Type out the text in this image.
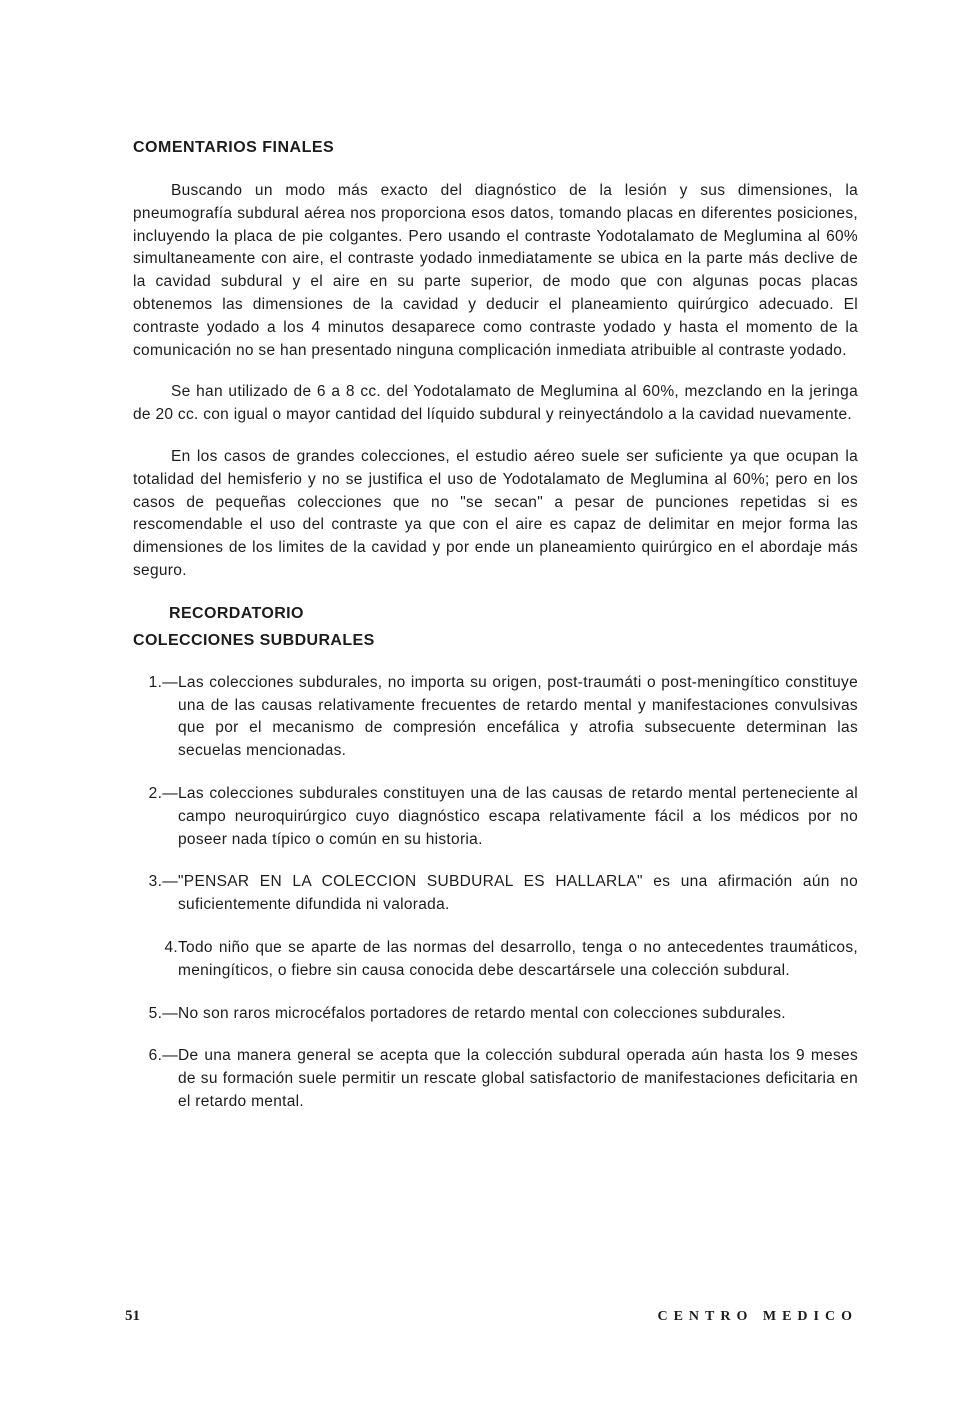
COMENTARIOS FINALES

Buscando un modo más exacto del diagnóstico de la lesión y sus dimensiones, la pneumografía subdural aérea nos proporciona esos datos, tomando placas en diferentes posiciones, incluyendo la placa de pie colgantes. Pero usando el contraste Yodotalamato de Meglumina al 60% simultaneamente con aire, el contraste yodado inmediatamente se ubica en la parte más declive de la cavidad subdural y el aire en su parte superior, de modo que con algunas pocas placas obtenemos las dimensiones de la cavidad y deducir el planeamiento quirúrgico adecuado. El contraste yodado a los 4 minutos desaparece como contraste yodado y hasta el momento de la comunicación no se han presentado ninguna complicación inmediata atribuible al contraste yodado.

Se han utilizado de 6 a 8 cc. del Yodotalamato de Meglumina al 60%, mezclando en la jeringa de 20 cc. con igual o mayor cantidad del líquido subdural y reinyectándolo a la cavidad nuevamente.

En los casos de grandes colecciones, el estudio aéreo suele ser suficiente ya que ocupan la totalidad del hemisferio y no se justifica el uso de Yodotalamato de Meglumina al 60%; pero en los casos de pequeñas colecciones que no "se secan" a pesar de punciones repetidas si es rescomendable el uso del contraste ya que con el aire es capaz de delimitar en mejor forma las dimensiones de los limites de la cavidad y por ende un planeamiento quirúrgico en el abordaje más seguro.

RECORDATORIO
COLECCIONES SUBDURALES
1.— Las colecciones subdurales, no importa su origen, post-traumáti o post-meningítico constituye una de las causas relativamente frecuentes de retardo mental y manifestaciones convulsivas que por el mecanismo de compresión encefálica y atrofia subsecuente determinan las secuelas mencionadas.
2.— Las colecciones subdurales constituyen una de las causas de retardo mental perteneciente al campo neuroquirúrgico cuyo diagnóstico escapa relativamente fácil a los médicos por no poseer nada típico o común en su historia.
3.— "PENSAR EN LA COLECCION SUBDURAL ES HALLARLA" es una afirmación aún no suficientemente difundida ni valorada.
4. Todo niño que se aparte de las normas del desarrollo, tenga o no antecedentes traumáticos, meningíticos, o fiebre sin causa conocida debe descartársele una colección subdural.
5.— No son raros microcéfalos portadores de retardo mental con colecciones subdurales.
6.— De una manera general se acepta que la colección subdural operada aún hasta los 9 meses de su formación suele permitir un rescate global satisfactorio de manifestaciones deficitaria en el retardo mental.
51	CENTRO MEDICO
